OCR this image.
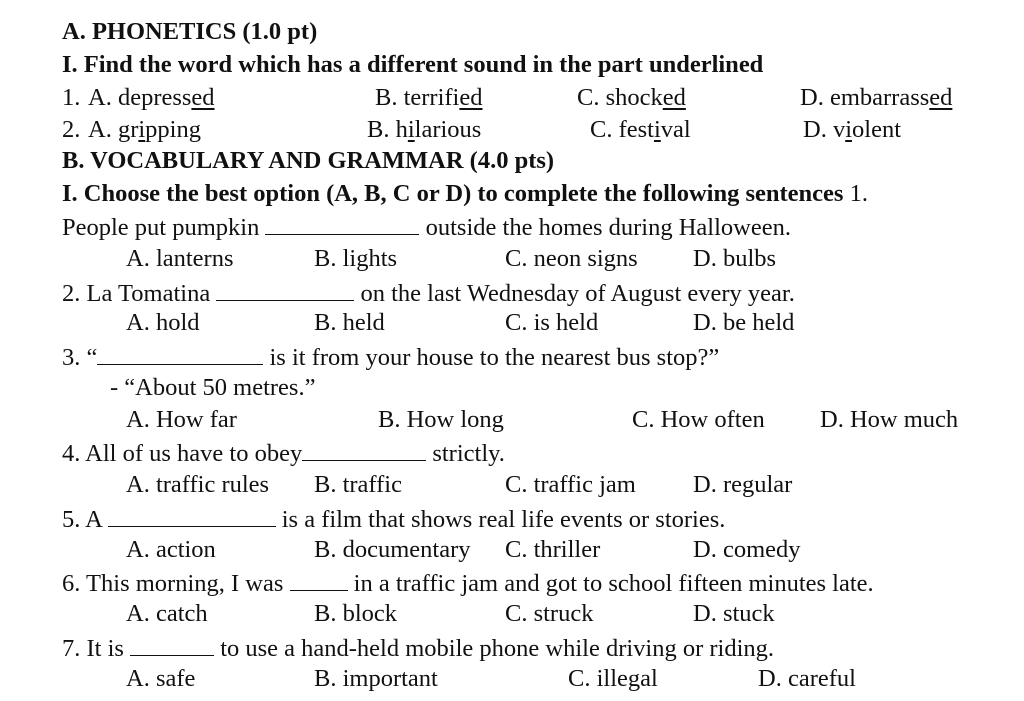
A. PHONETICS (1.0 pt)
I. Find the word which has a different sound in the part underlined
1. A. depressed	B. terrified	C. shocked	D. embarrassed
2. A. gripping	B. hilarious	C. festival	D. violent
B. VOCABULARY AND GRAMMAR (4.0 pts)
I. Choose the best option (A, B, C or D) to complete the following sentences 1.
People put pumpkin	outside the homes during Halloween.
A. lanterns	B. lights	C. neon signs D. bulbs
2. La Tomatina	on the last Wednesday of August every year.
A. hold	B. held	C. is held	D. be held
3. “	is it from your house to the nearest bus stop?”
- “About 50 metres.”
A. How far	B. How long	C. How often D. How much
4. All of us have to obey	strictly.
A. traffic rules B. traffic	C. traffic jam D. regular
5. A	is a film that shows real life events or stories.
A. action	B. documentary C. thriller	D. comedy
6. This morning, I was  in a traffic jam and got to school fifteen minutes late.
A. catch	B. block	C. struck	D. stuck
7. It is	to use a hand-held mobile phone while driving or riding.
A. safe	B. important	C. illegal	D. careful
